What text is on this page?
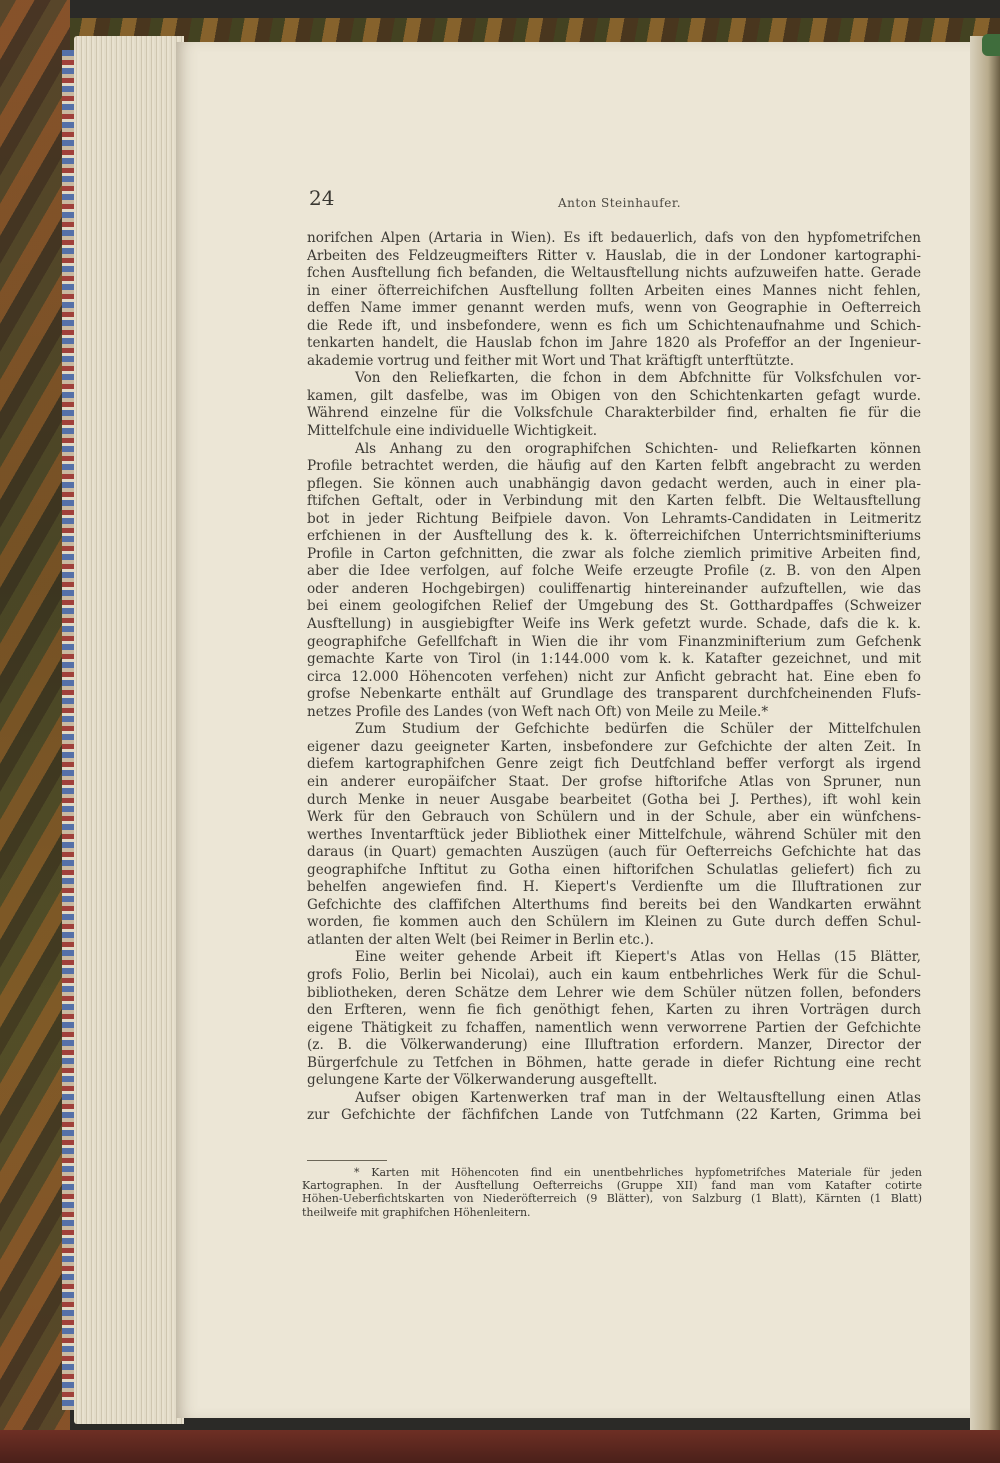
24	Anton Steinhaufer.
norifchen Alpen (Artaria in Wien). Es ift bedauerlich, dafs von den hypfometrifchen
Arbeiten des Feldzeugmeifters Ritter v. Hauslab, die in der Londoner kartographi-
fchen Ausftellung fich befanden, die Weltausftellung nichts aufzuweifen hatte. Gerade
in einer öfterreichifchen Ausftellung follten Arbeiten eines Mannes nicht fehlen,
deffen Name immer genannt werden mufs, wenn von Geographie in Oefterreich
die Rede ift, und insbefondere, wenn es fich um Schichtenaufnahme und Schich-
tenkarten handelt, die Hauslab fchon im Jahre 1820 als Profeffor an der Ingenieur-
akademie vortrug und feither mit Wort und That kräftigft unterftützte.
Von den Reliefkarten, die fchon in dem Abfchnitte für Volksfchulen vor-
kamen, gilt dasfelbe, was im Obigen von den Schichtenkarten gefagt wurde.
Während einzelne für die Volksfchule Charakterbilder find, erhalten fie für die
Mittelfchule eine individuelle Wichtigkeit.
Als Anhang zu den orographifchen Schichten- und Reliefkarten können
Profile betrachtet werden, die häufig auf den Karten felbft angebracht zu werden
pflegen. Sie können auch unabhängig davon gedacht werden, auch in einer pla-
ftifchen Geftalt, oder in Verbindung mit den Karten felbft. Die Weltausftellung
bot in jeder Richtung Beifpiele davon. Von Lehramts-Candidaten in Leitmeritz
erfchienen in der Ausftellung des k. k. öfterreichifchen Unterrichtsminifteriums
Profile in Carton gefchnitten, die zwar als folche ziemlich primitive Arbeiten find,
aber die Idee verfolgen, auf folche Weife erzeugte Profile (z. B. von den Alpen
oder anderen Hochgebirgen) couliffenartig hintereinander aufzuftellen, wie das
bei einem geologifchen Relief der Umgebung des St. Gotthardpaffes (Schweizer
Ausftellung) in ausgiebigfter Weife ins Werk gefetzt wurde. Schade, dafs die k. k.
geographifche Gefellfchaft in Wien die ihr vom Finanzminifterium zum Gefchenk
gemachte Karte von Tirol (in 1:144.000 vom k. k. Katafter gezeichnet, und mit
circa 12.000 Höhencoten verfehen) nicht zur Anficht gebracht hat. Eine eben fo
grofse Nebenkarte enthält auf Grundlage des transparent durchfcheinenden Flufs-
netzes Profile des Landes (von Weft nach Oft) von Meile zu Meile.*
Zum Studium der Gefchichte bedürfen die Schüler der Mittelfchulen
eigener dazu geeigneter Karten, insbefondere zur Gefchichte der alten Zeit. In
diefem kartographifchen Genre zeigt fich Deutfchland beffer verforgt als irgend
ein anderer europäifcher Staat. Der grofse hiftorifche Atlas von Spruner, nun
durch Menke in neuer Ausgabe bearbeitet (Gotha bei J. Perthes), ift wohl kein
Werk für den Gebrauch von Schülern und in der Schule, aber ein wünfchens-
werthes Inventarftück jeder Bibliothek einer Mittelfchule, während Schüler mit den
daraus (in Quart) gemachten Auszügen (auch für Oefterreichs Gefchichte hat das
geographifche Inftitut zu Gotha einen hiftorifchen Schulatlas geliefert) fich zu
behelfen angewiefen find. H. Kiepert's Verdienfte um die Illuftrationen zur
Gefchichte des claffifchen Alterthums find bereits bei den Wandkarten erwähnt
worden, fie kommen auch den Schülern im Kleinen zu Gute durch deffen Schul-
atlanten der alten Welt (bei Reimer in Berlin etc.).
Eine weiter gehende Arbeit ift Kiepert's Atlas von Hellas (15 Blätter,
grofs Folio, Berlin bei Nicolai), auch ein kaum entbehrliches Werk für die Schul-
bibliotheken, deren Schätze dem Lehrer wie dem Schüler nützen follen, befonders
den Erfteren, wenn fie fich genöthigt fehen, Karten zu ihren Vorträgen durch
eigene Thätigkeit zu fchaffen, namentlich wenn verworrene Partien der Gefchichte
(z. B. die Völkerwanderung) eine Illuftration erfordern. Manzer, Director der
Bürgerfchule zu Tetfchen in Böhmen, hatte gerade in diefer Richtung eine recht
gelungene Karte der Völkerwanderung ausgeftellt.
Aufser obigen Kartenwerken traf man in der Weltausftellung einen Atlas
zur Gefchichte der fächfifchen Lande von Tutfchmann (22 Karten, Grimma bei
* Karten mit Höhencoten find ein unentbehrliches hypfometrifches Materiale für jeden
Kartographen. In der Ausftellung Oefterreichs (Gruppe XII) fand man vom Katafter cotirte
Höhen-Ueberfichtskarten von Niederöfterreich (9 Blätter), von Salzburg (1 Blatt), Kärnten (1 Blatt)
theilweife mit graphifchen Höhenleitern.
